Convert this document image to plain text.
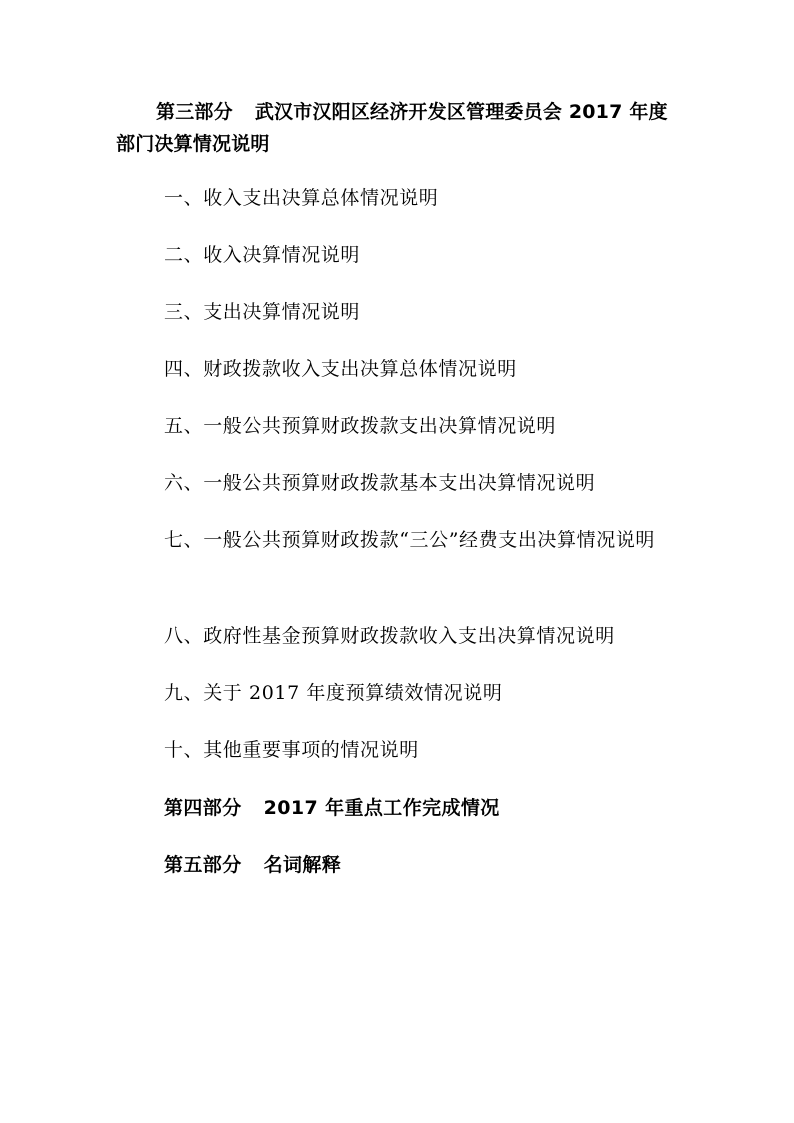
第三部分 武汉市汉阳区经济开发区管理委员会 2017 年度部门决算情况说明

一、收入支出决算总体情况说明

二、收入决算情况说明

三、支出决算情况说明

四、财政拨款收入支出决算总体情况说明

五、一般公共预算财政拨款支出决算情况说明

六、一般公共预算财政拨款基本支出决算情况说明

七、一般公共预算财政拨款“三公”经费支出决算情况说明

八、政府性基金预算财政拨款收入支出决算情况说明

九、关于 2017 年度预算绩效情况说明

十、其他重要事项的情况说明

第四部分 2017 年重点工作完成情况

第五部分 名词解释
